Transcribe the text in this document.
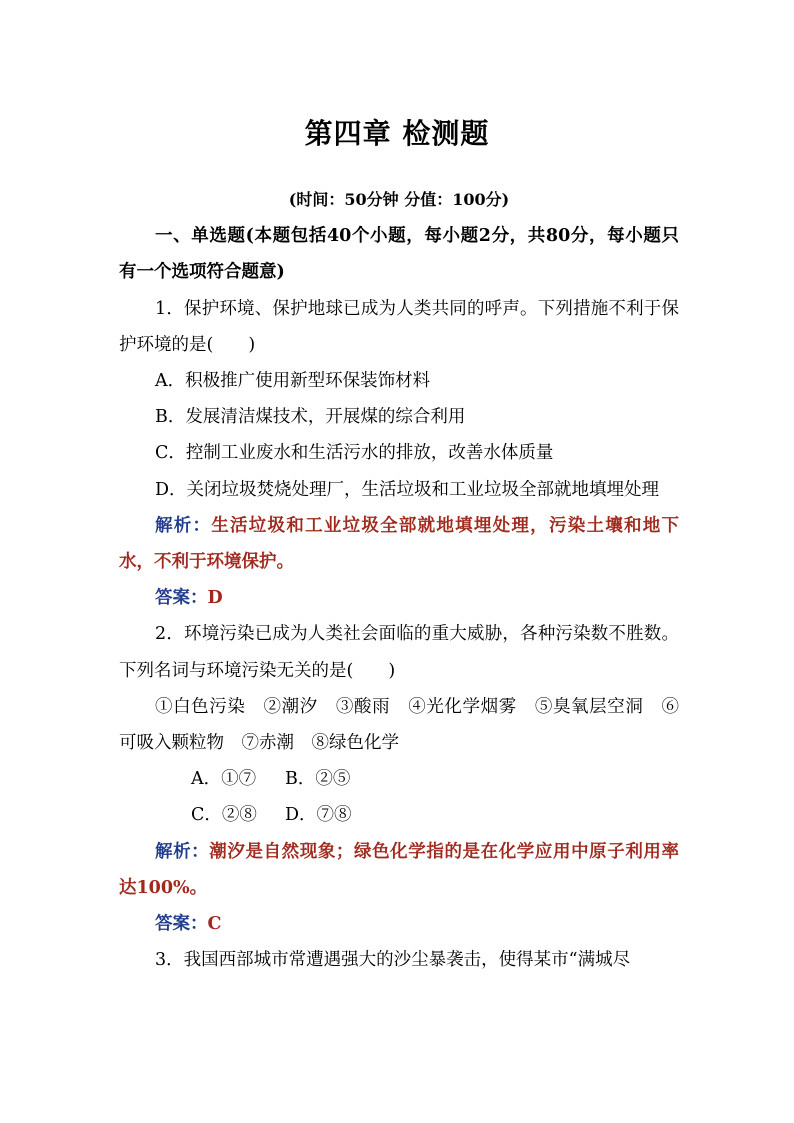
第四章 检测题

(时间：50分钟 分值：100分)

一、单选题(本题包括40个小题，每小题2分，共80分，每小题只有一个选项符合题意)

1．保护环境、保护地球已成为人类共同的呼声。下列措施不利于保护环境的是(　　)

A．积极推广使用新型环保装饰材料

B．发展清洁煤技术，开展煤的综合利用

C．控制工业废水和生活污水的排放，改善水体质量

D．关闭垃圾焚烧处理厂，生活垃圾和工业垃圾全部就地填埋处理

解析：生活垃圾和工业垃圾全部就地填埋处理，污染土壤和地下水，不利于环境保护。

答案：D

2．环境污染已成为人类社会面临的重大威胁，各种污染数不胜数。下列名词与环境污染无关的是(　　)

①白色污染　②潮汐　③酸雨　④光化学烟雾　⑤臭氧层空洞　⑥可吸入颗粒物　⑦赤潮　⑧绿色化学

A．①⑦ B．②⑤

C．②⑧ D．⑦⑧

解析：潮汐是自然现象；绿色化学指的是在化学应用中原子利用率达100%。

答案：C

3．我国西部城市常遭遇强大的沙尘暴袭击，使得某市“满城尽
